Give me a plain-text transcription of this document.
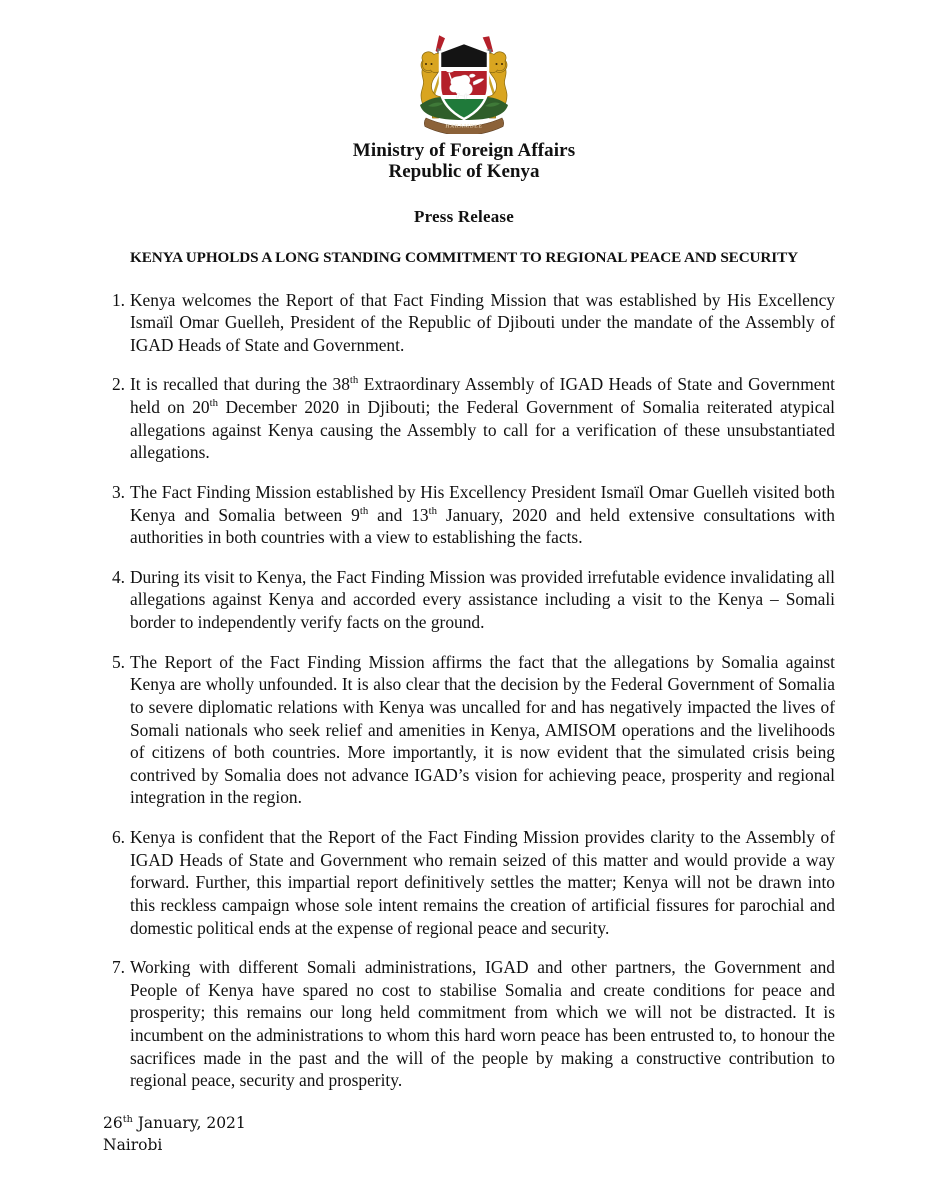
HARAMBEE
Ministry of Foreign Affairs
Republic of Kenya
Press Release
KENYA UPHOLDS A LONG STANDING COMMITMENT TO REGIONAL PEACE AND SECURITY
1. Kenya welcomes the Report of that Fact Finding Mission that was established by His Excellency Ismaïl Omar Guelleh, President of the Republic of Djibouti under the mandate of the Assembly of IGAD Heads of State and Government.
2. It is recalled that during the 38th Extraordinary Assembly of IGAD Heads of State and Government held on 20th December 2020 in Djibouti; the Federal Government of Somalia reiterated atypical allegations against Kenya causing the Assembly to call for a verification of these unsubstantiated allegations.
3. The Fact Finding Mission established by His Excellency President Ismaïl Omar Guelleh visited both Kenya and Somalia between 9th and 13th January, 2020 and held extensive consultations with authorities in both countries with a view to establishing the facts.
4. During its visit to Kenya, the Fact Finding Mission was provided irrefutable evidence invalidating all allegations against Kenya and accorded every assistance including a visit to the Kenya – Somali border to independently verify facts on the ground.
5. The Report of the Fact Finding Mission affirms the fact that the allegations by Somalia against Kenya are wholly unfounded. It is also clear that the decision by the Federal Government of Somalia to severe diplomatic relations with Kenya was uncalled for and has negatively impacted the lives of Somali nationals who seek relief and amenities in Kenya, AMISOM operations and the livelihoods of citizens of both countries. More importantly, it is now evident that the simulated crisis being contrived by Somalia does not advance IGAD’s vision for achieving peace, prosperity and regional integration in the region.
6. Kenya is confident that the Report of the Fact Finding Mission provides clarity to the Assembly of IGAD Heads of State and Government who remain seized of this matter and would provide a way forward. Further, this impartial report definitively settles the matter; Kenya will not be drawn into this reckless campaign whose sole intent remains the creation of artificial fissures for parochial and domestic political ends at the expense of regional peace and security.
7. Working with different Somali administrations, IGAD and other partners, the Government and People of Kenya have spared no cost to stabilise Somalia and create conditions for peace and prosperity; this remains our long held commitment from which we will not be distracted. It is incumbent on the administrations to whom this hard worn peace has been entrusted to, to honour the sacrifices made in the past and the will of the people by making a constructive contribution to regional peace, security and prosperity.
26th January, 2021
Nairobi
